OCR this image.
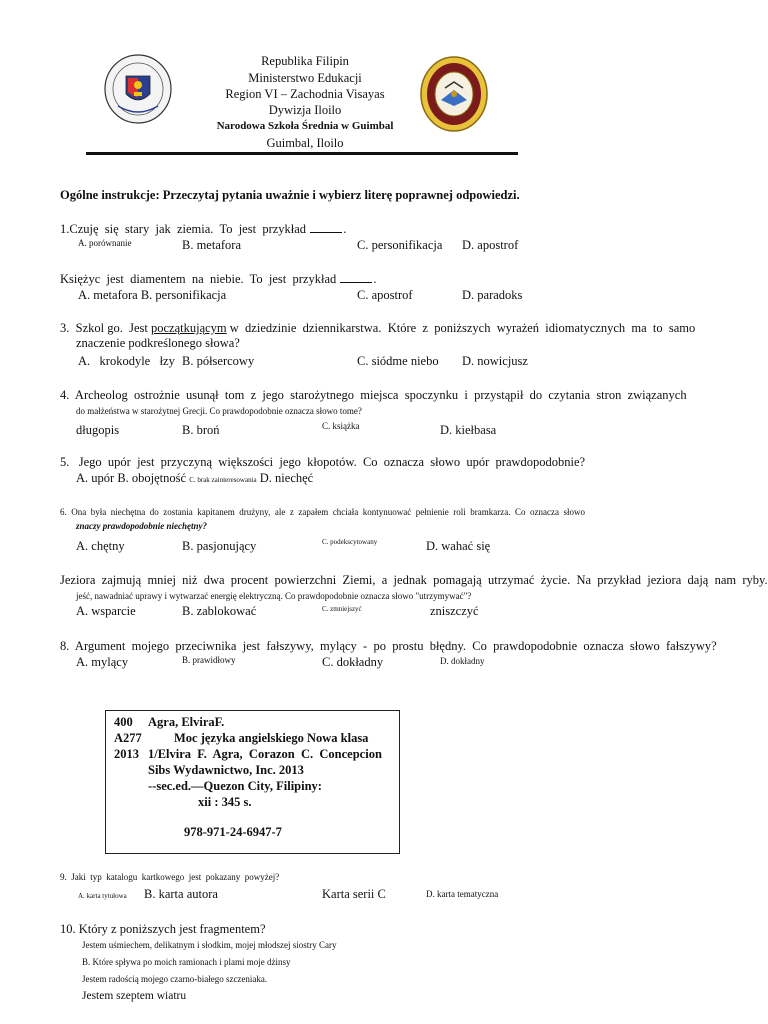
Republika Filipin
Ministerstwo Edukacji
Region VI – Zachodnia Visayas
Dywizja Iloilo
Narodowa Szkoła Średnia w Guimbal
Guimbal, Iloilo
Ogólne instrukcje: Przeczytaj pytania uważnie i wybierz literę poprawnej odpowiedzi.
1.Czuję  się  stary  jak  ziemia.  To  jest  przykład	.
A. porównanie	B. metafora	C. personifikacja D. apostrof
Księżyc  jest  diamentem  na  niebie.  To  jest  przykład	.
A. metafora B. personifikacja	C. apostrof	D. paradoks
3.  Szkol go.  Jest początkującym w  dziedzinie  dziennikarstwa.  Które  z  poniższych  wyrażeń  idiomatycznych  ma  to  samo
znaczenie podkreślonego słowa?
A.   krokodyle   łzy B. półsercowy	C. siódme niebo D. nowicjusz
4.  Archeolog  ostrożnie  usunął  tom  z  jego  starożytnego  miejsca  spoczynku  i  przystąpił  do  czytania  stron  związanych
do małżeństwa w starożytnej Grecji. Co prawdopodobnie oznacza słowo tome?
długopis	B. broń	C. książka	D. kiełbasa
5.   Jego  upór  jest  przyczyną  większości  jego  kłopotów.  Co  oznacza  słowo  upór  prawdopodobnie?
A. upór B. obojętność C. brak zainteresowania D. niechęć
6.  Ona  była  niechętna  do  zostania  kapitanem  drużyny,  ale  z  zapałem  chciała  kontynuować  pełnienie  roli  bramkarza.  Co  oznacza  słowo
znaczy prawdopodobnie niechętny?
A. chętny	B. pasjonujący	C. podekscytowany	D. wahać się
Jeziora  zajmują  mniej  niż  dwa  procent  powierzchni  Ziemi,  a  jednak  pomagają  utrzymać  życie.  Na  przykład  jeziora  dają  nam  ryby.
jeść, nawadniać uprawy i wytwarzać energię elektryczną. Co prawdopodobnie oznacza słowo "utrzymywać"?
A. wsparcie	B. zablokować	C. zmniejszyć	zniszczyć
8.  Argument  mojego  przeciwnika  jest  fałszywy,  mylący  -  po  prostu  błędny.  Co  prawdopodobnie  oznacza  słowo  fałszywy?
A. mylący	B. prawidłowy	C. dokładny	D. dokładny
400 Agra, ElviraF.
A277	Moc języka angielskiego Nowa klasa
2013 1/Elvira  F.  Agra,  Corazon  C.  Concepcion
Sibs Wydawnictwo, Inc. 2013
--sec.ed.—Quezon City, Filipiny:
xii : 345 s.
978-971-24-6947-7
9.  Jaki  typ  katalogu  kartkowego  jest  pokazany  powyżej?
A. karta tytułowa B. karta autora	Karta serii C	D. karta tematyczna
10. Który z poniższych jest fragmentem?
Jestem uśmiechem, delikatnym i słodkim, mojej młodszej siostry Cary
B. Które spływa po moich ramionach i plami moje dżinsy
Jestem radością mojego czarno-białego szczeniaka.
Jestem szeptem wiatru
